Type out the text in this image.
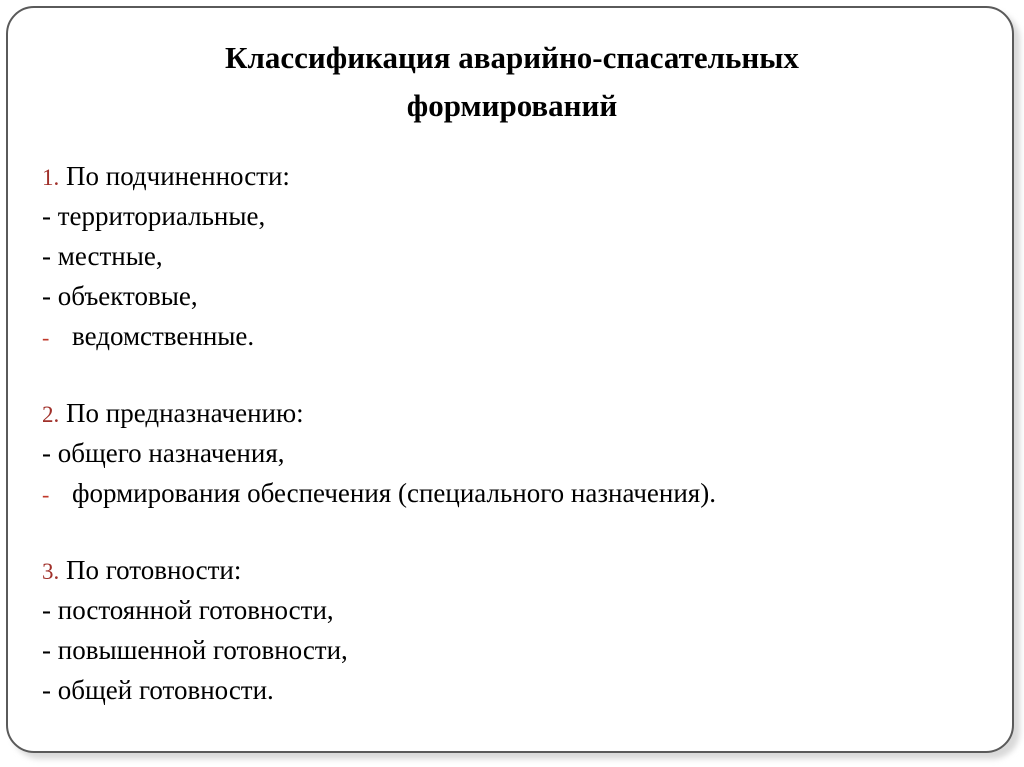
Классификация аварийно-спасательных
формирований
1. По подчиненности:
- территориальные,
- местные,
- объектовые,
- ведомственные.
2. По предназначению:
- общего назначения,
- формирования обеспечения (специального назначения).
3. По готовности:
- постоянной готовности,
- повышенной готовности,
- общей готовности.
